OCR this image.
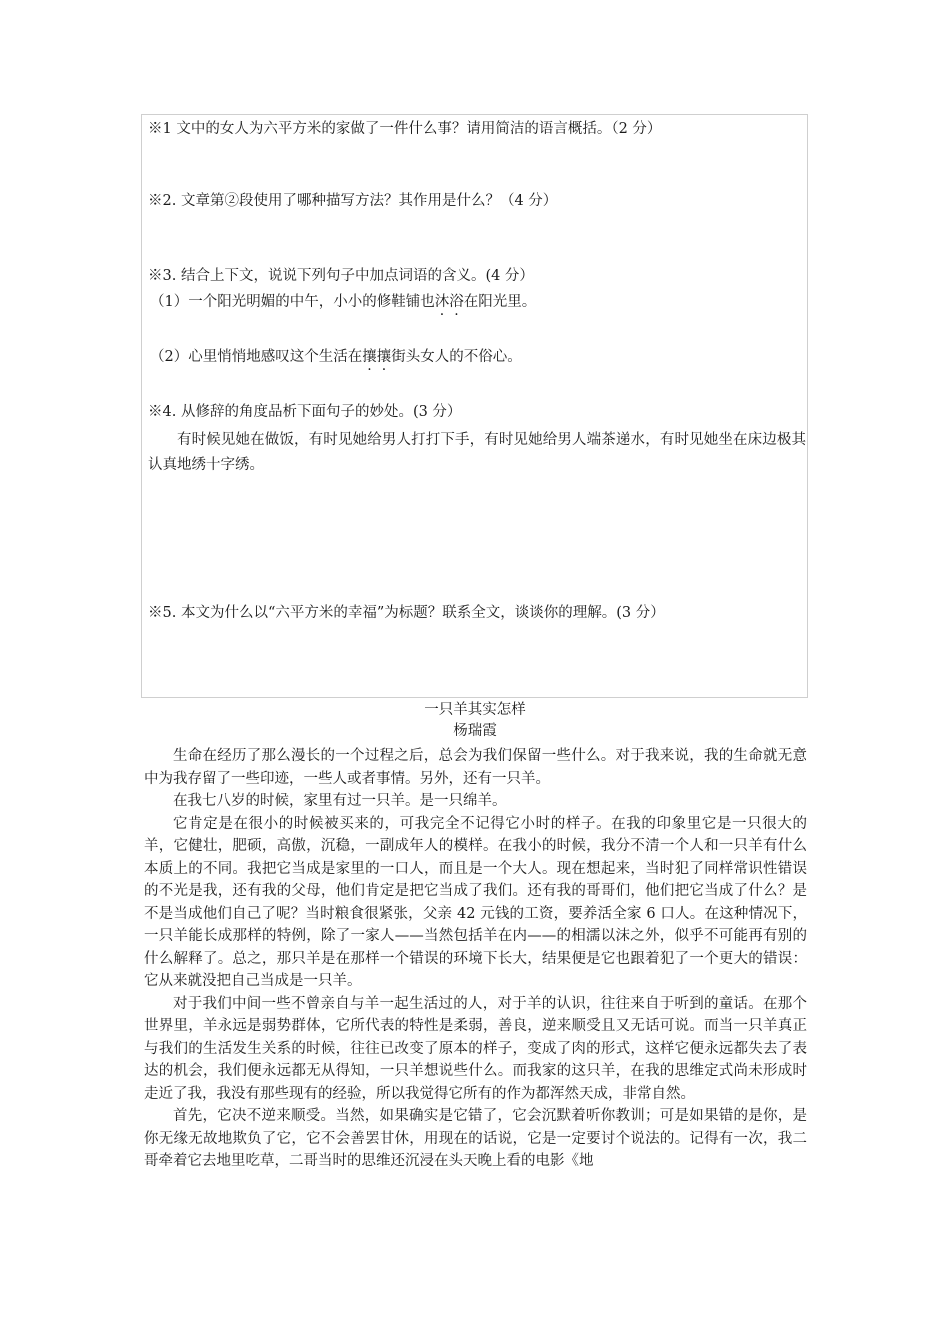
※1 文中的女人为六平方米的家做了一件什么事？请用简洁的语言概括。（2 分）
※2. 文章第②段使用了哪种描写方法？其作用是什么？（4 分）
※3. 结合上下文，说说下列句子中加点词语的含义。(4 分）
（1）一个阳光明媚的中午，小小的修鞋铺也沐浴在阳光里。
（2）心里悄悄地感叹这个生活在攘攘街头女人的不俗心。
※4. 从修辞的角度品析下面句子的妙处。(3 分）
有时候见她在做饭，有时见她给男人打打下手，有时见她给男人端茶递水，有时见她坐在床边极其认真地绣十字绣。
※5. 本文为什么以“六平方米的幸福”为标题？联系全文，谈谈你的理解。(3 分）
一只羊其实怎样
杨瑞霞

生命在经历了那么漫长的一个过程之后，总会为我们保留一些什么。对于我来说，我的生命就无意中为我存留了一些印迹，一些人或者事情。另外，还有一只羊。

在我七八岁的时候，家里有过一只羊。是一只绵羊。

它肯定是在很小的时候被买来的，可我完全不记得它小时的样子。在我的印象里它是一只很大的羊，它健壮，肥硕，高傲，沉稳，一副成年人的模样。在我小的时候，我分不清一个人和一只羊有什么本质上的不同。我把它当成是家里的一口人，而且是一个大人。现在想起来，当时犯了同样常识性错误的不光是我，还有我的父母，他们肯定是把它当成了我们。还有我的哥哥们，他们把它当成了什么？是不是当成他们自己了呢？当时粮食很紧张，父亲 42 元钱的工资，要养活全家 6 口人。在这种情况下，一只羊能长成那样的特例，除了一家人——当然包括羊在内——的相濡以沫之外，似乎不可能再有别的什么解释了。总之，那只羊是在那样一个错误的环境下长大，结果便是它也跟着犯了一个更大的错误：它从来就没把自己当成是一只羊。

对于我们中间一些不曾亲自与羊一起生活过的人，对于羊的认识，往往来自于听到的童话。在那个世界里，羊永远是弱势群体，它所代表的特性是柔弱，善良，逆来顺受且又无话可说。而当一只羊真正与我们的生活发生关系的时候，往往已改变了原本的样子，变成了肉的形式，这样它便永远都失去了表达的机会，我们便永远都无从得知，一只羊想说些什么。而我家的这只羊，在我的思维定式尚未形成时走近了我，我没有那些现有的经验，所以我觉得它所有的作为都浑然天成，非常自然。

首先，它决不逆来顺受。当然，如果确实是它错了，它会沉默着听你教训；可是如果错的是你，是你无缘无故地欺负了它，它不会善罢甘休，用现在的话说，它是一定要讨个说法的。记得有一次，我二哥牵着它去地里吃草，二哥当时的思维还沉浸在头天晚上看的电影《地
